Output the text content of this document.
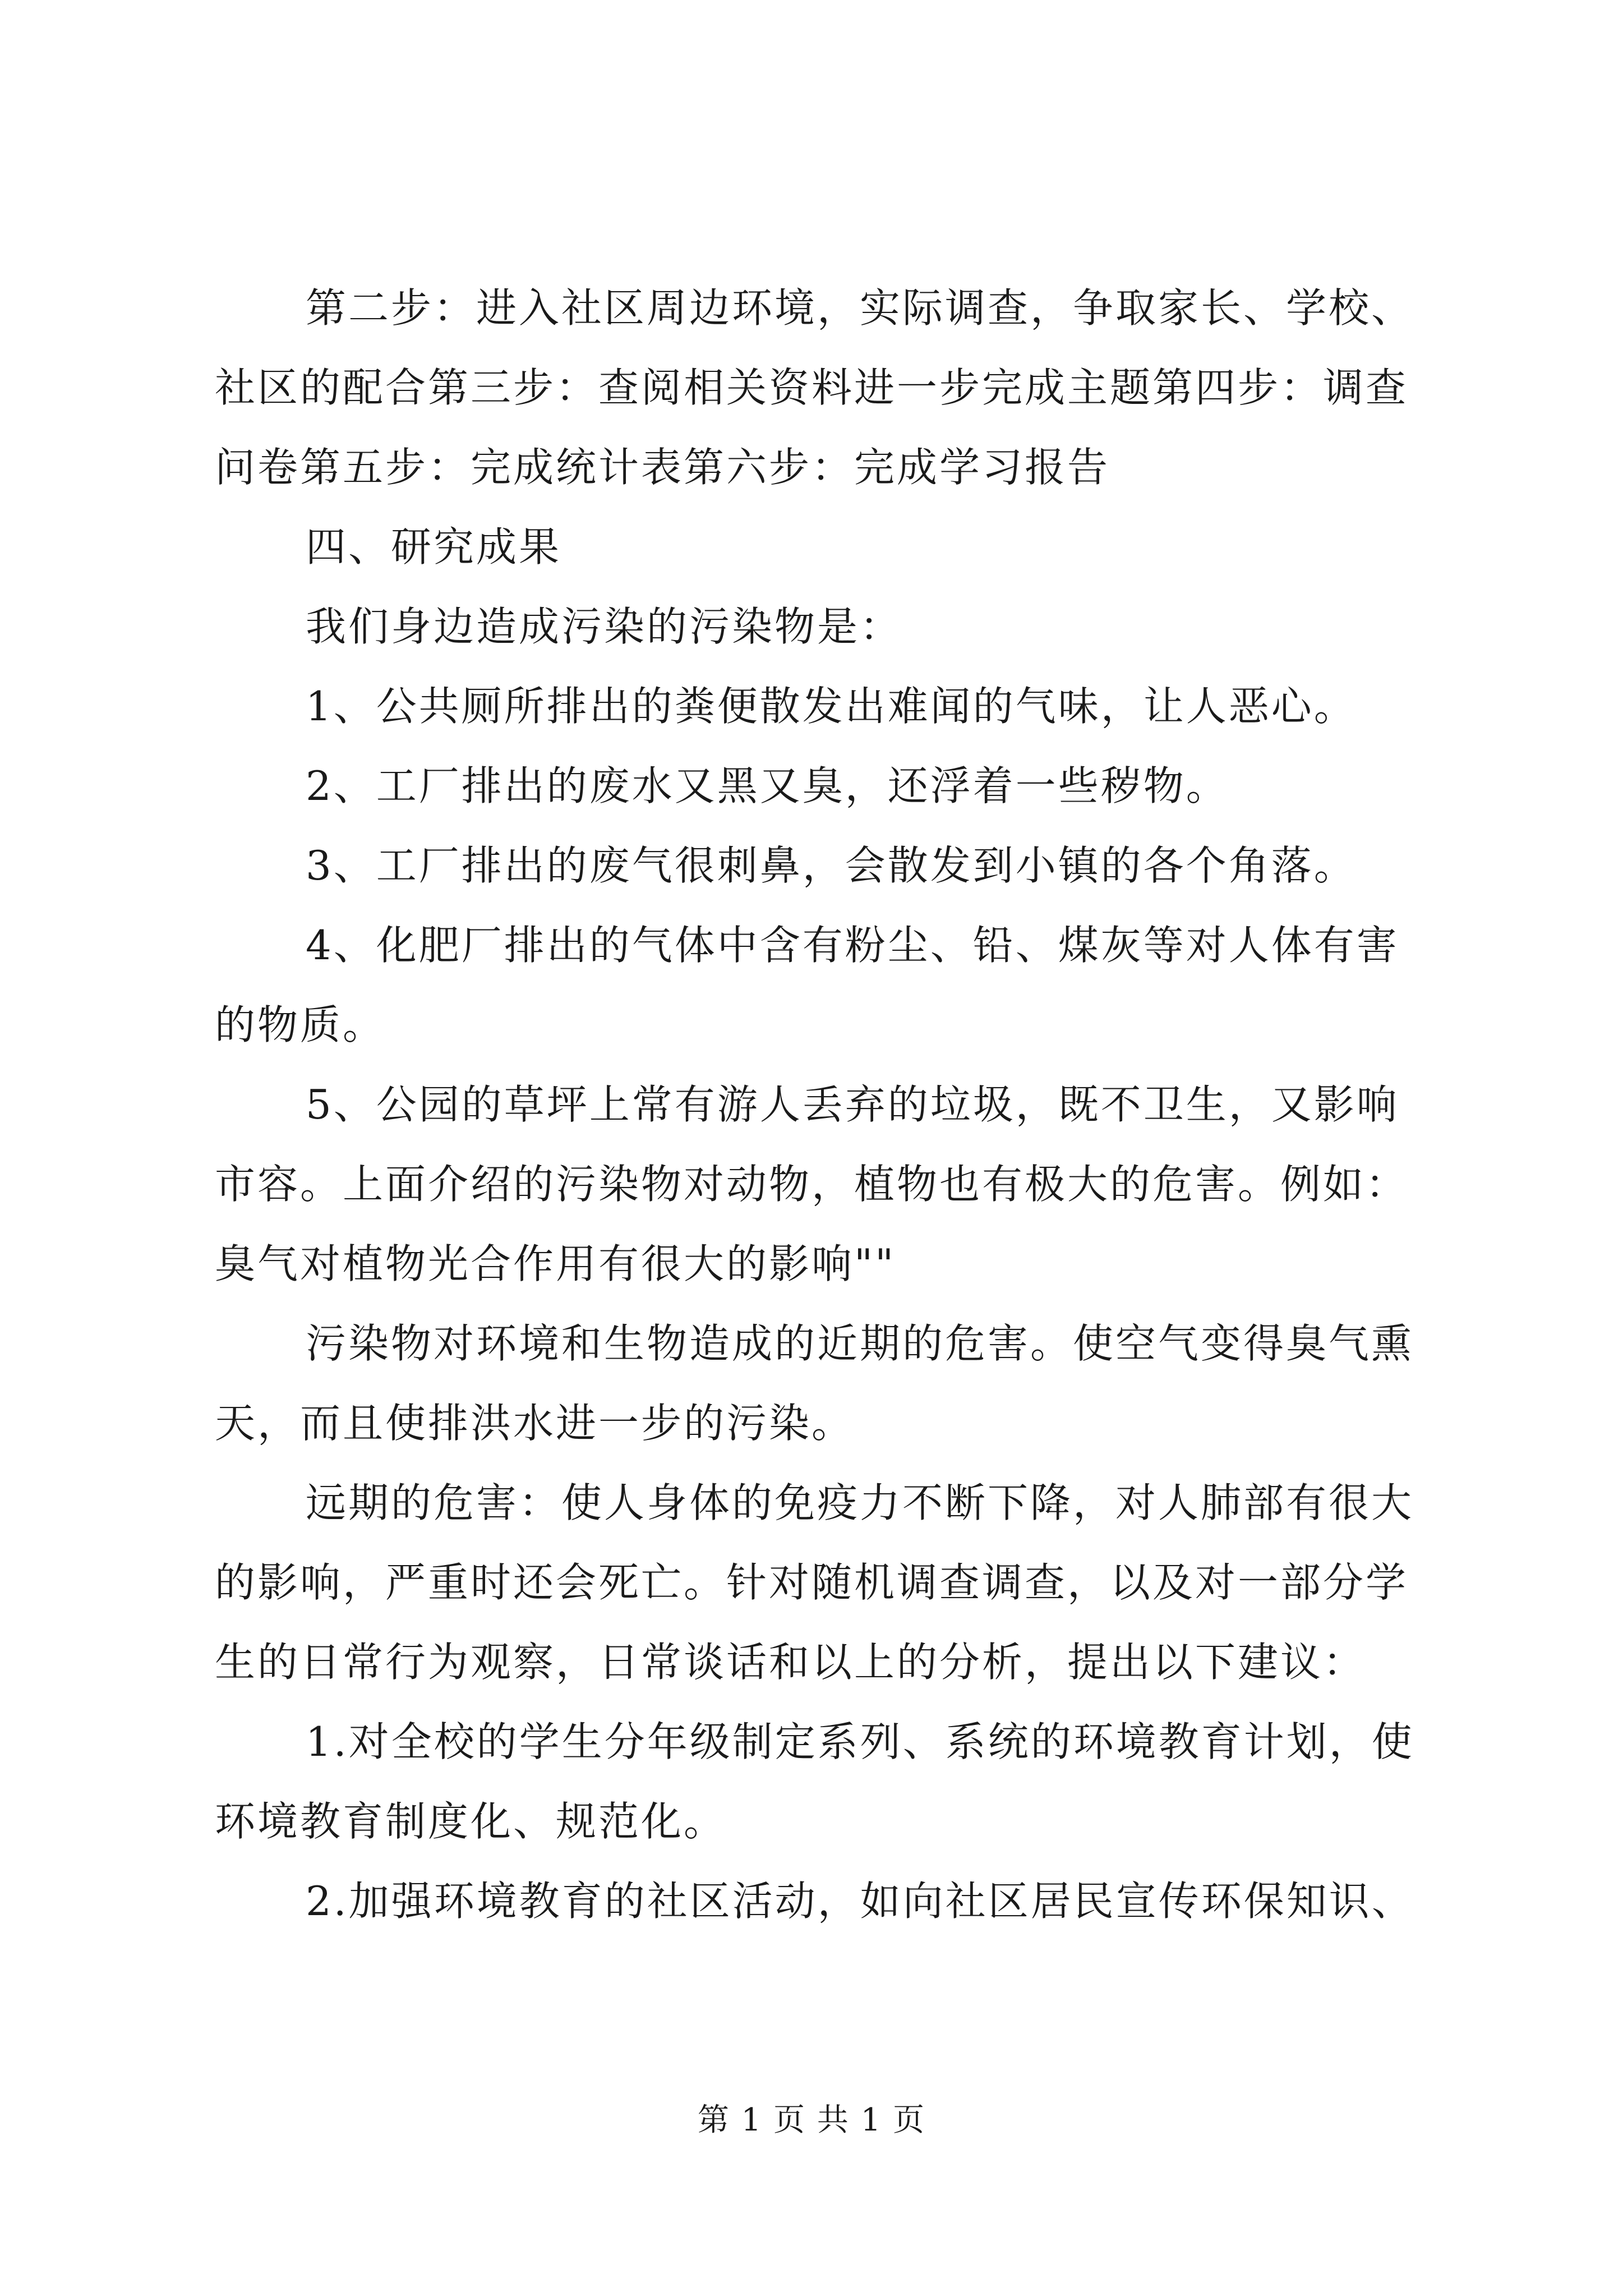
第二步：进入社区周边环境，实际调查，争取家长、学校、社区的配合第三步：查阅相关资料进一步完成主题第四步：调查问卷第五步：完成统计表第六步：完成学习报告

四、研究成果

我们身边造成污染的污染物是：

1、公共厕所排出的粪便散发出难闻的气味，让人恶心。

2、工厂排出的废水又黑又臭，还浮着一些秽物。

3、工厂排出的废气很刺鼻，会散发到小镇的各个角落。

4、化肥厂排出的气体中含有粉尘、铅、煤灰等对人体有害的物质。

5、公园的草坪上常有游人丢弃的垃圾，既不卫生，又影响市容。上面介绍的污染物对动物，植物也有极大的危害。例如：臭气对植物光合作用有很大的影响""

污染物对环境和生物造成的近期的危害。使空气变得臭气熏天，而且使排洪水进一步的污染。

远期的危害：使人身体的免疫力不断下降，对人肺部有很大的影响，严重时还会死亡。针对随机调查调查，以及对一部分学生的日常行为观察，日常谈话和以上的分析，提出以下建议：

1.对全校的学生分年级制定系列、系统的环境教育计划，使环境教育制度化、规范化。

2.加强环境教育的社区活动，如向社区居民宣传环保知识、

第 1 页 共 1 页
